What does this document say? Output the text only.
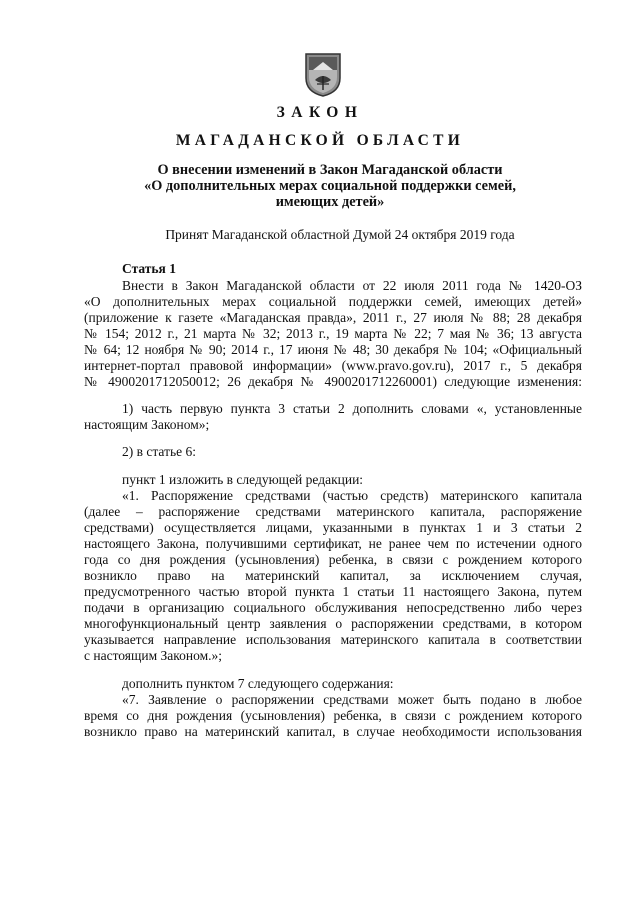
ЗАКОН
МАГАДАНСКОЙ ОБЛАСТИ
О внесении изменений в Закон Магаданской области
«О дополнительных мерах социальной поддержки семей,
имеющих детей»
Принят Магаданской областной Думой 24 октября 2019 года
Статья 1
Внести в Закон Магаданской области от 22 июля 2011 года № 1420-ОЗ
«О дополнительных мерах социальной поддержки семей, имеющих детей»
(приложение к газете «Магаданская правда», 2011 г., 27 июля № 88; 28 декабря
№ 154; 2012 г., 21 марта № 32; 2013 г., 19 марта № 22; 7 мая № 36; 13 августа
№ 64; 12 ноября № 90; 2014 г., 17 июня № 48; 30 декабря № 104; «Официальный
интернет-портал правовой информации» (www.pravo.gov.ru), 2017 г., 5 декабря
№ 4900201712050012; 26 декабря № 4900201712260001) следующие изменения:
1) часть первую пункта 3 статьи 2 дополнить словами «, установленные
настоящим Законом»;
2) в статье 6:
пункт 1 изложить в следующей редакции:
«1. Распоряжение средствами (частью средств) материнского капитала
(далее – распоряжение средствами материнского капитала, распоряжение
средствами) осуществляется лицами, указанными в пунктах 1 и 3 статьи 2
настоящего Закона, получившими сертификат, не ранее чем по истечении одного
года со дня рождения (усыновления) ребенка, в связи с рождением которого
возникло право на материнский капитал, за исключением случая,
предусмотренного частью второй пункта 1 статьи 11 настоящего Закона, путем
подачи в организацию социального обслуживания непосредственно либо через
многофункциональный центр заявления о распоряжении средствами, в котором
указывается направление использования материнского капитала в соответствии
с настоящим Законом.»;
дополнить пунктом 7 следующего содержания:
«7. Заявление о распоряжении средствами может быть подано в любое
время со дня рождения (усыновления) ребенка, в связи с рождением которого
возникло право на материнский капитал, в случае необходимости использования
